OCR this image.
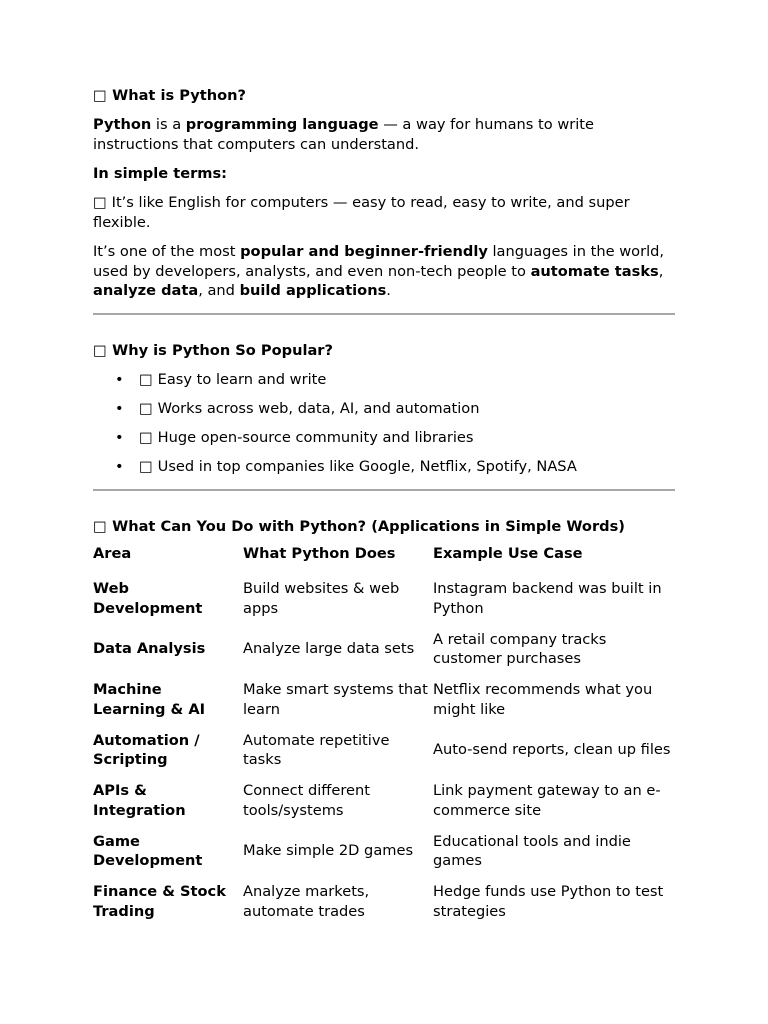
□ What is Python?
Python is a programming language — a way for humans to write instructions that computers can understand.
In simple terms:
□ It’s like English for computers — easy to read, easy to write, and super flexible.
It’s one of the most popular and beginner-friendly languages in the world, used by developers, analysts, and even non-tech people to automate tasks, analyze data, and build applications.
□ Why is Python So Popular?
• □ Easy to learn and write
• □ Works across web, data, AI, and automation
• □ Huge open-source community and libraries
• □ Used in top companies like Google, Netflix, Spotify, NASA
□ What Can You Do with Python? (Applications in Simple Words)
Area	What Python Does	Example Use Case
Web Development	Build websites & web apps	Instagram backend was built in Python
Data Analysis	Analyze large data sets	A retail company tracks customer purchases
Machine Learning & AI	Make smart systems that learn	Netflix recommends what you might like
Automation / Scripting	Automate repetitive tasks	Auto-send reports, clean up files
APIs & Integration	Connect different tools/systems	Link payment gateway to an e-commerce site
Game Development	Make simple 2D games	Educational tools and indie games
Finance & Stock Trading	Analyze markets, automate trades	Hedge funds use Python to test strategies
